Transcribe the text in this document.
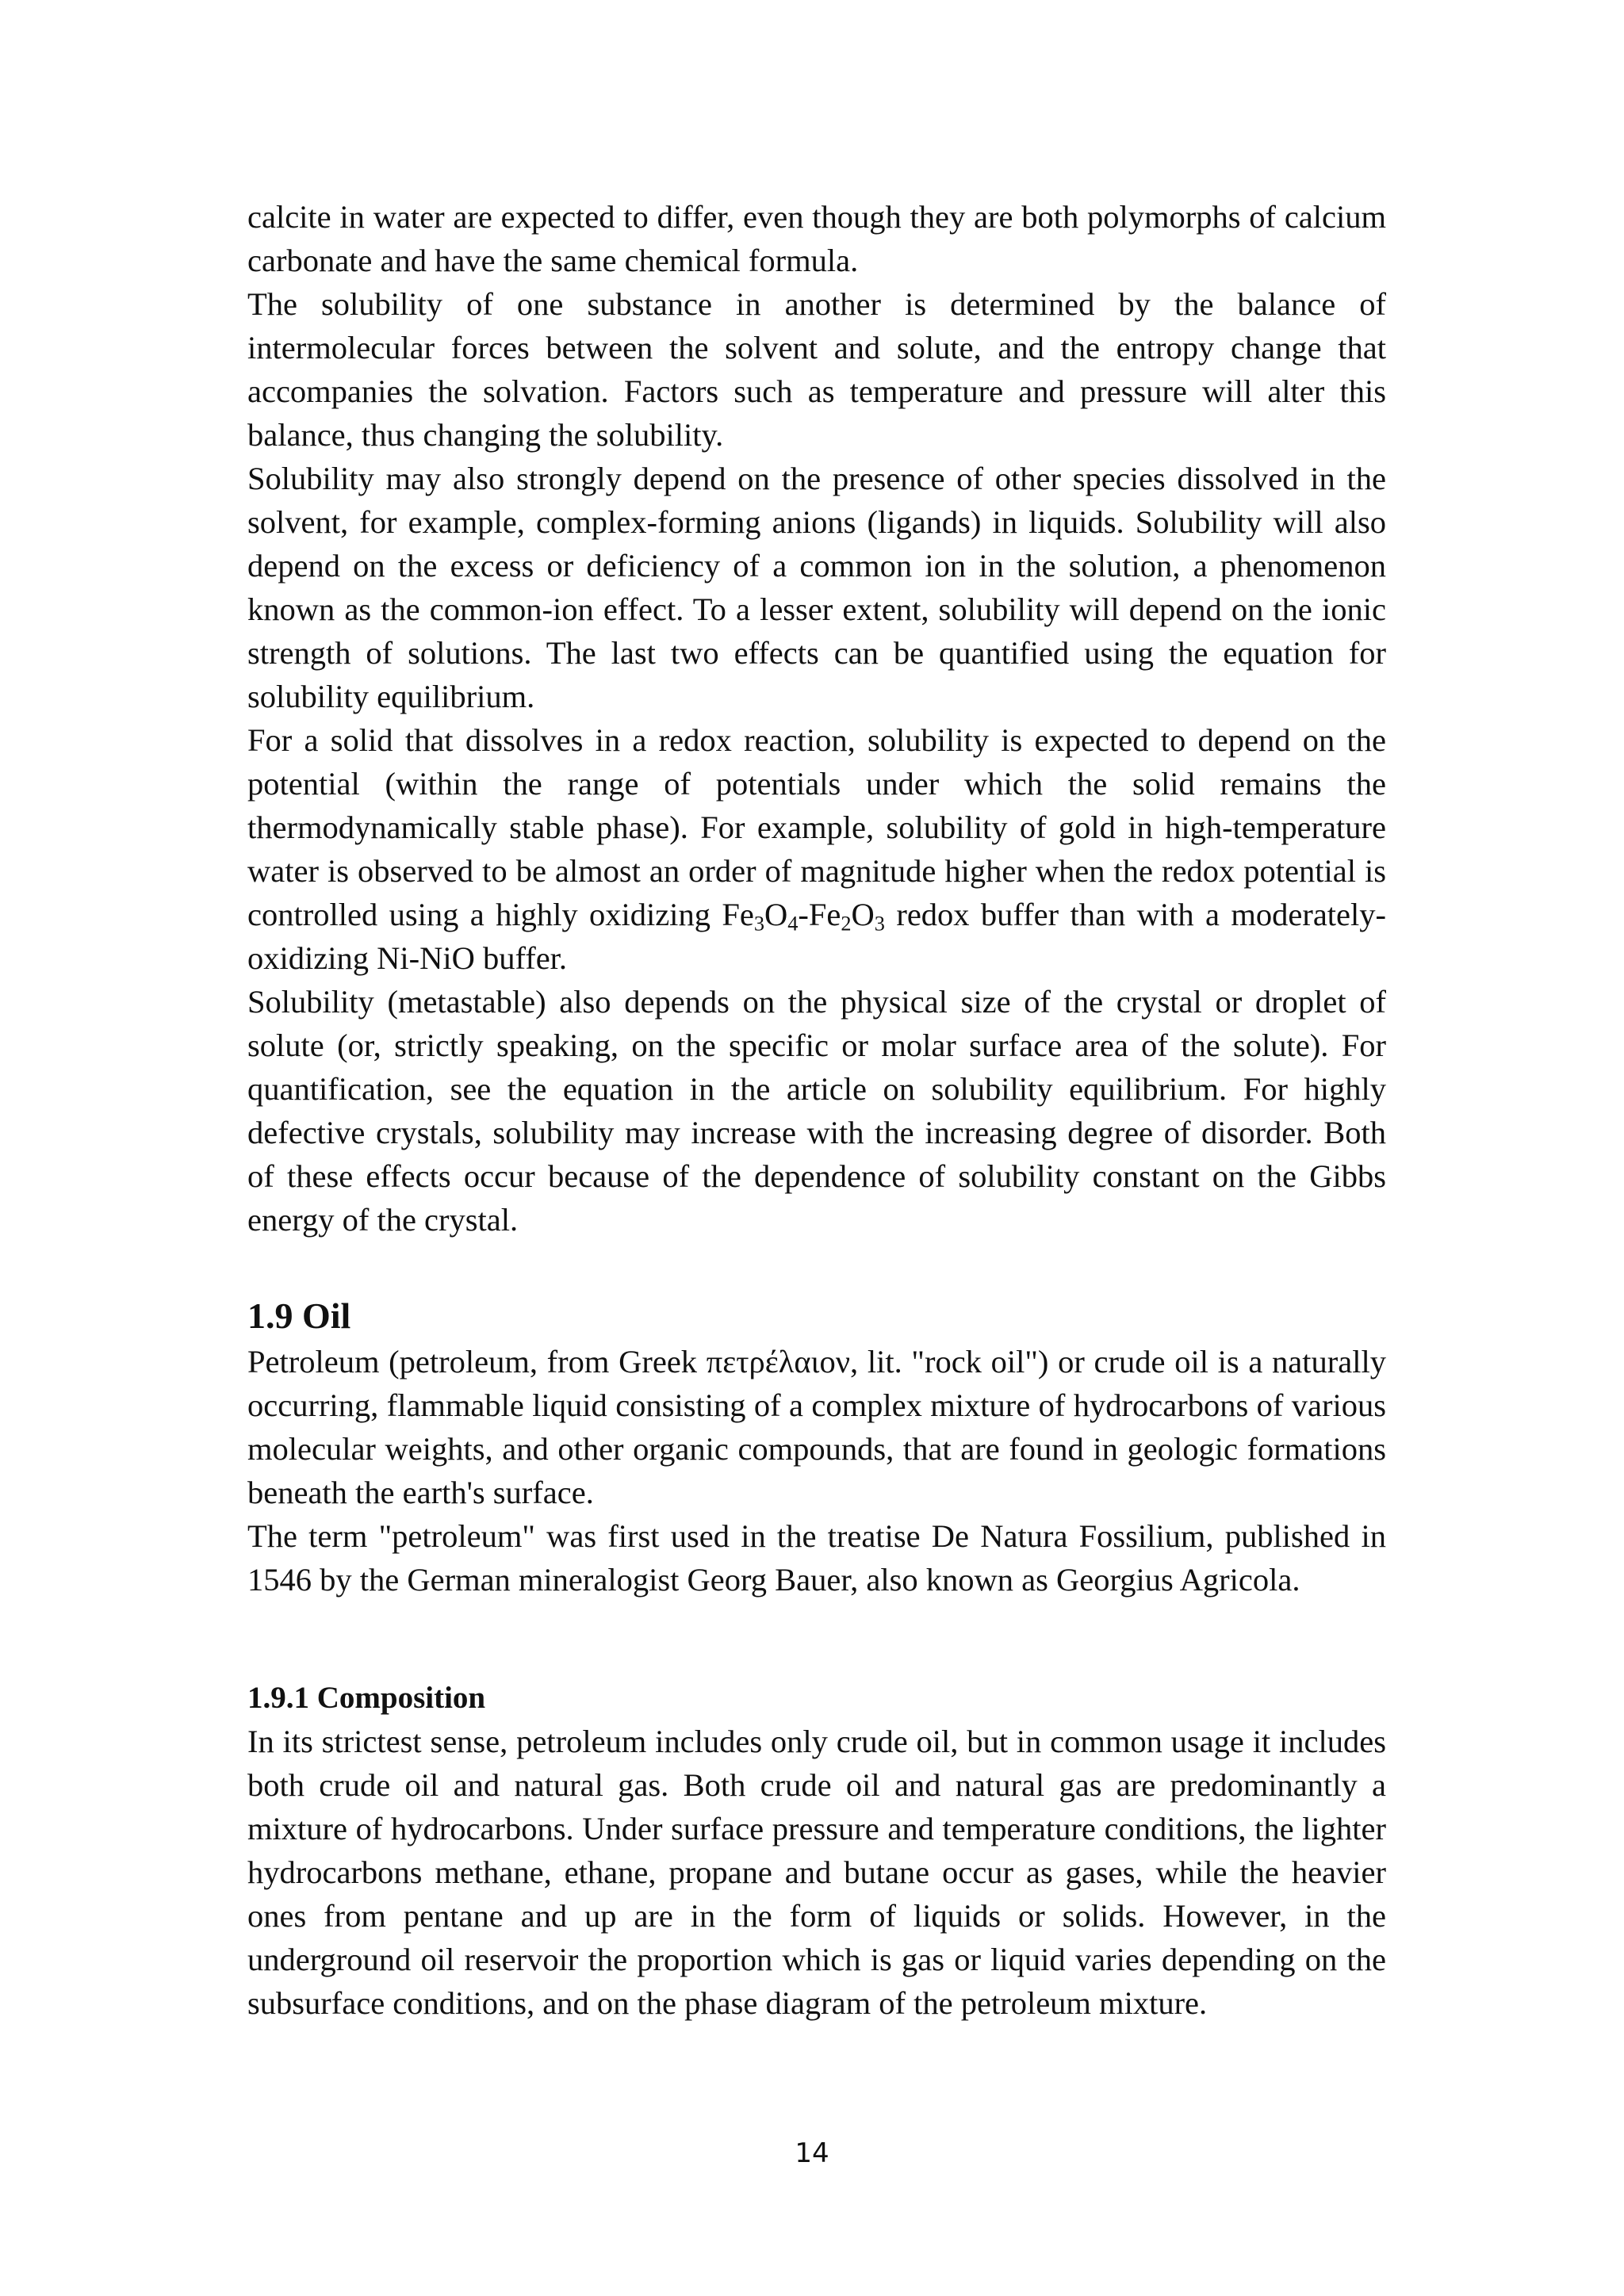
calcite in water are expected to differ, even though they are both polymorphs of calcium carbonate and have the same chemical formula.

The solubility of one substance in another is determined by the balance of intermolecular forces between the solvent and solute, and the entropy change that accompanies the solvation. Factors such as temperature and pressure will alter this balance, thus changing the solubility.

Solubility may also strongly depend on the presence of other species dissolved in the solvent, for example, complex-forming anions (ligands) in liquids. Solubility will also depend on the excess or deficiency of a common ion in the solution, a phenomenon known as the common-ion effect. To a lesser extent, solubility will depend on the ionic strength of solutions. The last two effects can be quantified using the equation for solubility equilibrium.

For a solid that dissolves in a redox reaction, solubility is expected to depend on the potential (within the range of potentials under which the solid remains the thermodynamically stable phase). For example, solubility of gold in high-temperature water is observed to be almost an order of magnitude higher when the redox potential is controlled using a highly oxidizing $Fe_3O_4-Fe_2O_3$ redox buffer than with a moderately-oxidizing Ni-NiO buffer.

Solubility (metastable) also depends on the physical size of the crystal or droplet of solute (or, strictly speaking, on the specific or molar surface area of the solute). For quantification, see the equation in the article on solubility equilibrium. For highly defective crystals, solubility may increase with the increasing degree of disorder. Both of these effects occur because of the dependence of solubility constant on the Gibbs energy of the crystal.

1.9 Oil

Petroleum (petroleum, from Greek πετρέλαιον, lit. "rock oil") or crude oil is a naturally occurring, flammable liquid consisting of a complex mixture of hydrocarbons of various molecular weights, and other organic compounds, that are found in geologic formations beneath the earth's surface.

The term "petroleum" was first used in the treatise De Natura Fossilium, published in 1546 by the German mineralogist Georg Bauer, also known as Georgius Agricola.

1.9.1 Composition

In its strictest sense, petroleum includes only crude oil, but in common usage it includes both crude oil and natural gas. Both crude oil and natural gas are predominantly a mixture of hydrocarbons. Under surface pressure and temperature conditions, the lighter hydrocarbons methane, ethane, propane and butane occur as gases, while the heavier ones from pentane and up are in the form of liquids or solids. However, in the underground oil reservoir the proportion which is gas or liquid varies depending on the subsurface conditions, and on the phase diagram of the petroleum mixture.

14
